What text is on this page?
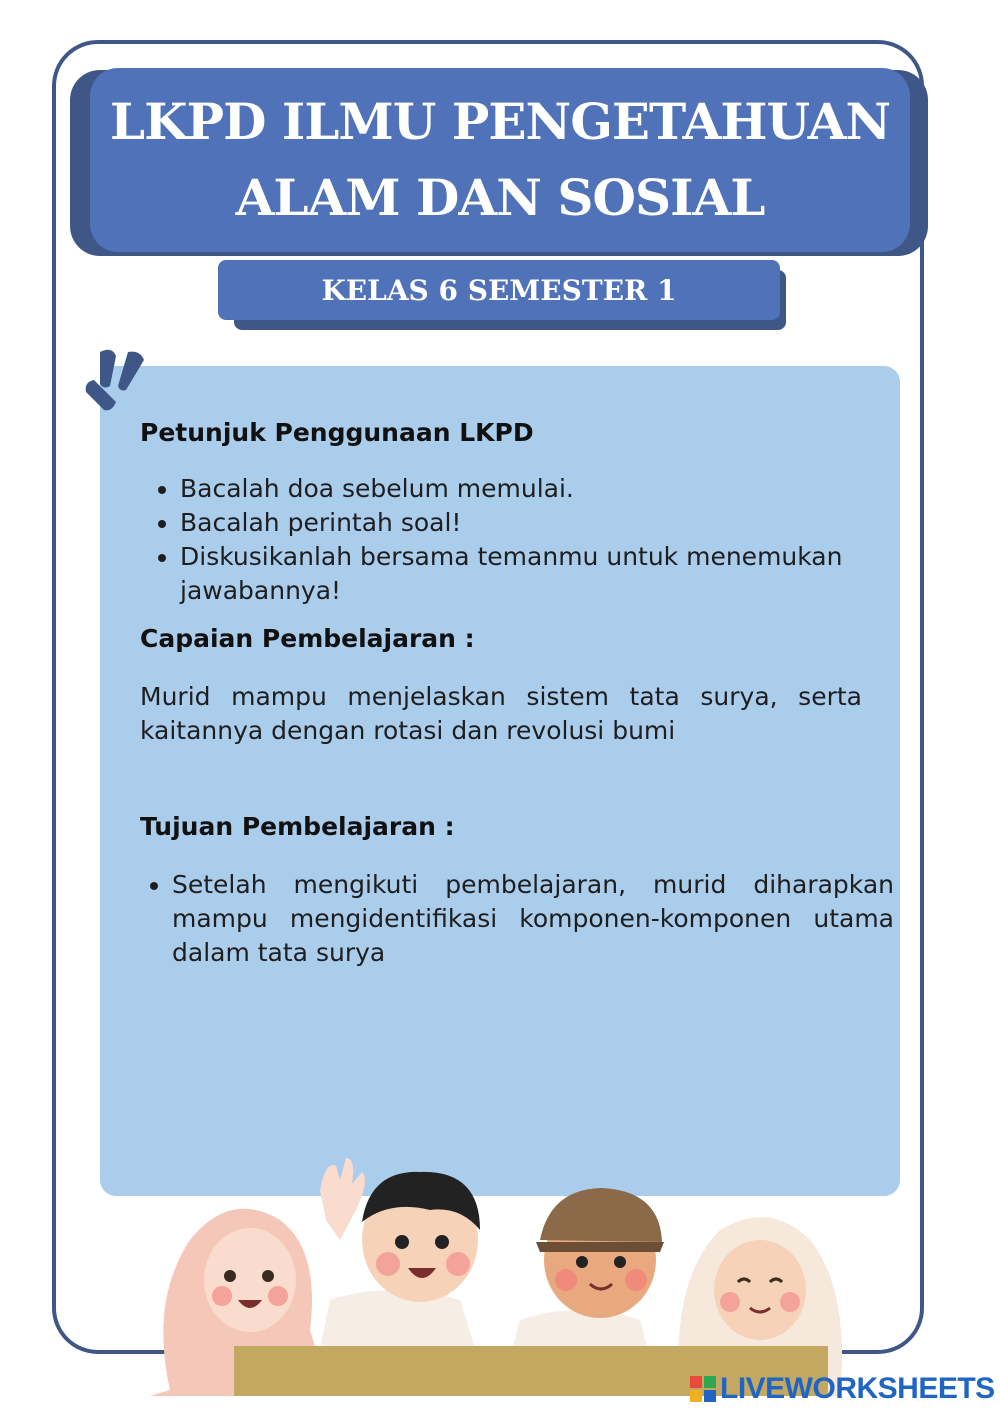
LKPD ILMU PENGETAHUAN
ALAM DAN SOSIAL
KELAS 6 SEMESTER 1
Petunjuk Penggunaan LKPD
• Bacalah doa sebelum memulai.
• Bacalah perintah soal!
• Diskusikanlah bersama temanmu untuk menemukan jawabannya!
Capaian Pembelajaran :

Murid mampu menjelaskan sistem tata surya, serta kaitannya dengan rotasi dan revolusi bumi

Tujuan Pembelajaran :
• Setelah mengikuti pembelajaran, murid diharapkan mampu mengidentifikasi komponen-komponen utama dalam tata surya
LIVEWORKSHEETS
